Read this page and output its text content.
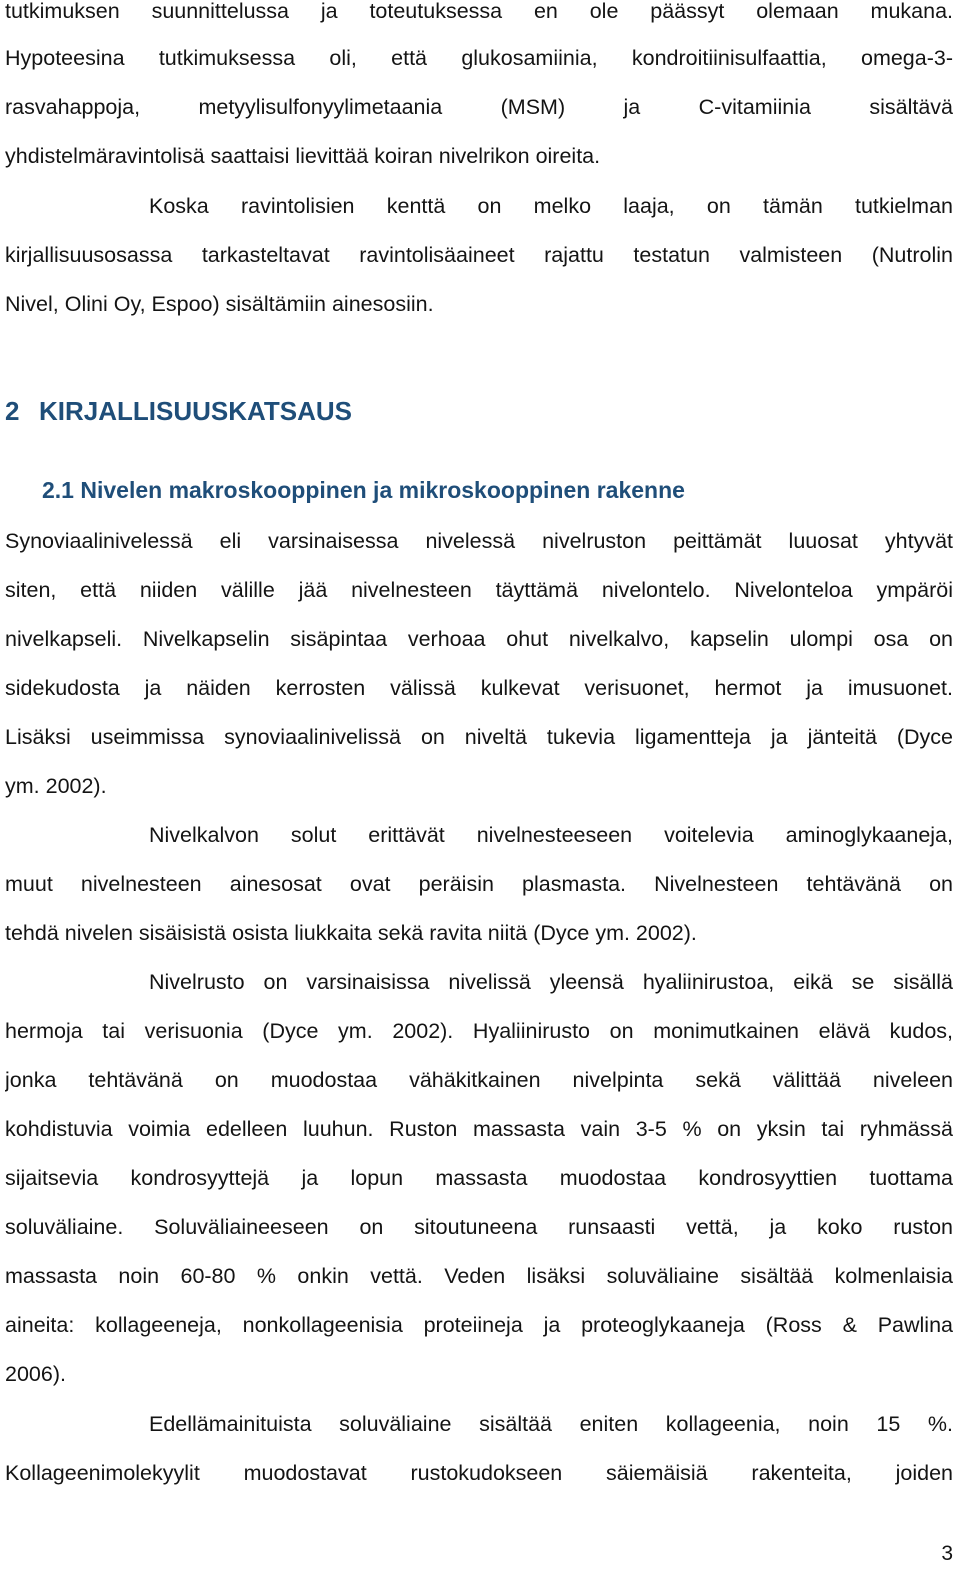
tutkimuksen suunnittelussa ja toteutuksessa en ole päässyt olemaan mukana.
Hypoteesina tutkimuksessa oli, että glukosamiinia, kondroitiinisulfaattia, omega-3-
rasvahappoja, metyylisulfonyylimetaania (MSM) ja C-vitamiinia sisältävä
yhdistelmäravintolisä saattaisi lievittää koiran nivelrikon oireita.
Koska ravintolisien kenttä on melko laaja, on tämän tutkielman
kirjallisuusosassa tarkasteltavat ravintolisäaineet rajattu testatun valmisteen (Nutrolin
Nivel, Olini Oy, Espoo) sisältämiin ainesosiin.
2 KIRJALLISUUSKATSAUS
2.1 Nivelen makroskooppinen ja mikroskooppinen rakenne
Synoviaalinivelessä eli varsinaisessa nivelessä nivelruston peittämät luuosat yhtyvät
siten, että niiden välille jää nivelnesteen täyttämä nivelontelo. Nivelonteloa ympäröi
nivelkapseli. Nivelkapselin sisäpintaa verhoaa ohut nivelkalvo, kapselin ulompi osa on
sidekudosta ja näiden kerrosten välissä kulkevat verisuonet, hermot ja imusuonet.
Lisäksi useimmissa synoviaalinivelissä on niveltä tukevia ligamentteja ja jänteitä (Dyce
ym. 2002).
Nivelkalvon solut erittävät nivelnesteeseen voitelevia aminoglykaaneja,
muut nivelnesteen ainesosat ovat peräisin plasmasta. Nivelnesteen tehtävänä on
tehdä nivelen sisäisistä osista liukkaita sekä ravita niitä (Dyce ym. 2002).
Nivelrusto on varsinaisissa nivelissä yleensä hyaliinirustoa, eikä se sisällä
hermoja tai verisuonia (Dyce ym. 2002). Hyaliinirusto on monimutkainen elävä kudos,
jonka tehtävänä on muodostaa vähäkitkainen nivelpinta sekä välittää niveleen
kohdistuvia voimia edelleen luuhun. Ruston massasta vain 3-5 % on yksin tai ryhmässä
sijaitsevia kondrosyyttejä ja lopun massasta muodostaa kondrosyyttien tuottama
soluväliaine. Soluväliaineeseen on sitoutuneena runsaasti vettä, ja koko ruston
massasta noin 60-80 % onkin vettä. Veden lisäksi soluväliaine sisältää kolmenlaisia
aineita: kollageeneja, nonkollageenisia proteiineja ja proteoglykaaneja (Ross & Pawlina
2006).
Edellämainituista soluväliaine sisältää eniten kollageenia, noin 15 %.
Kollageenimolekyylit muodostavat rustokudokseen säiemäisiä rakenteita, joiden
3
